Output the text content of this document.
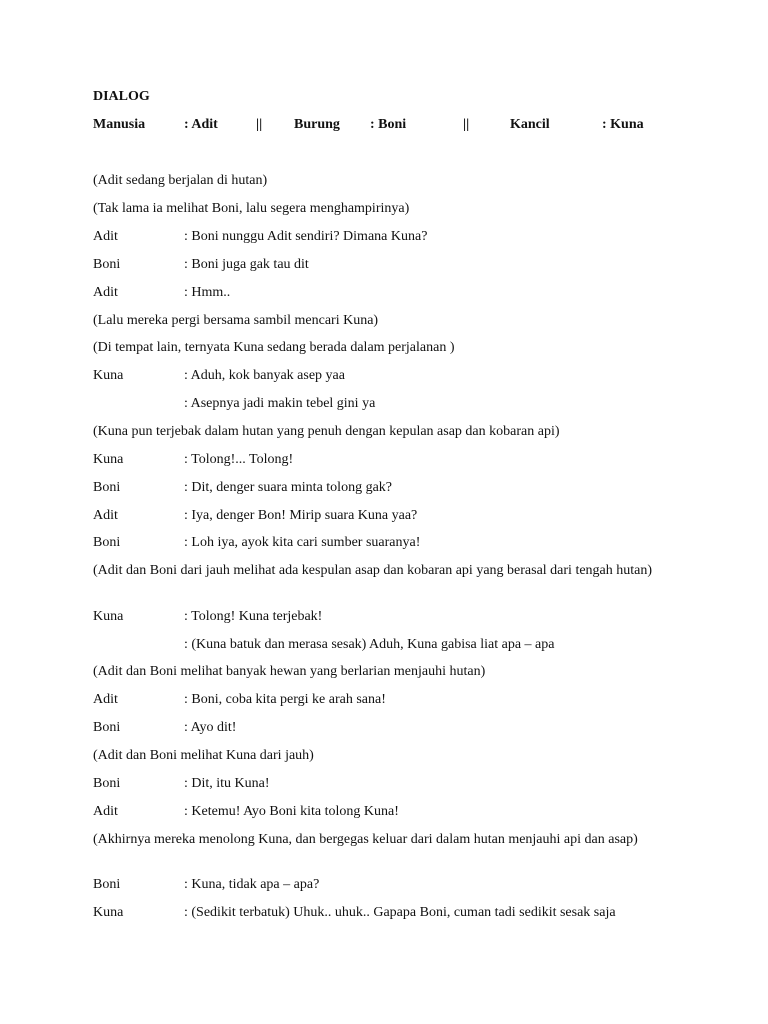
DIALOG
Manusia	: Adit	|| Burung : Boni	||	Kancil	: Kuna
(Adit sedang berjalan di hutan)
(Tak lama ia melihat Boni, lalu segera menghampirinya)
Adit	: Boni nunggu Adit sendiri? Dimana Kuna?
Boni	: Boni juga gak tau dit
Adit	: Hmm..
(Lalu mereka pergi bersama sambil mencari Kuna)
(Di tempat lain, ternyata Kuna sedang berada dalam perjalanan )
Kuna	: Aduh, kok banyak asep yaa
: Asepnya jadi makin tebel gini ya
(Kuna pun terjebak dalam hutan yang penuh dengan kepulan asap dan kobaran api)
Kuna	: Tolong!... Tolong!
Boni	: Dit, denger suara minta tolong gak?
Adit	: Iya, denger Bon! Mirip suara Kuna yaa?
Boni	: Loh iya, ayok kita cari sumber suaranya!
(Adit dan Boni dari jauh melihat ada kespulan asap dan kobaran api yang berasal dari tengah hutan)
Kuna	: Tolong! Kuna terjebak!
: (Kuna batuk dan merasa sesak) Aduh, Kuna gabisa liat apa – apa
(Adit dan Boni melihat banyak hewan yang berlarian menjauhi hutan)
Adit	: Boni, coba kita pergi ke arah sana!
Boni	: Ayo dit!
(Adit dan Boni melihat Kuna dari jauh)
Boni	: Dit, itu Kuna!
Adit	: Ketemu! Ayo Boni kita tolong Kuna!
(Akhirnya mereka menolong Kuna, dan bergegas keluar dari dalam hutan menjauhi api dan asap)
Boni	: Kuna, tidak apa – apa?
Kuna	: (Sedikit terbatuk) Uhuk.. uhuk.. Gapapa Boni, cuman tadi sedikit sesak saja
